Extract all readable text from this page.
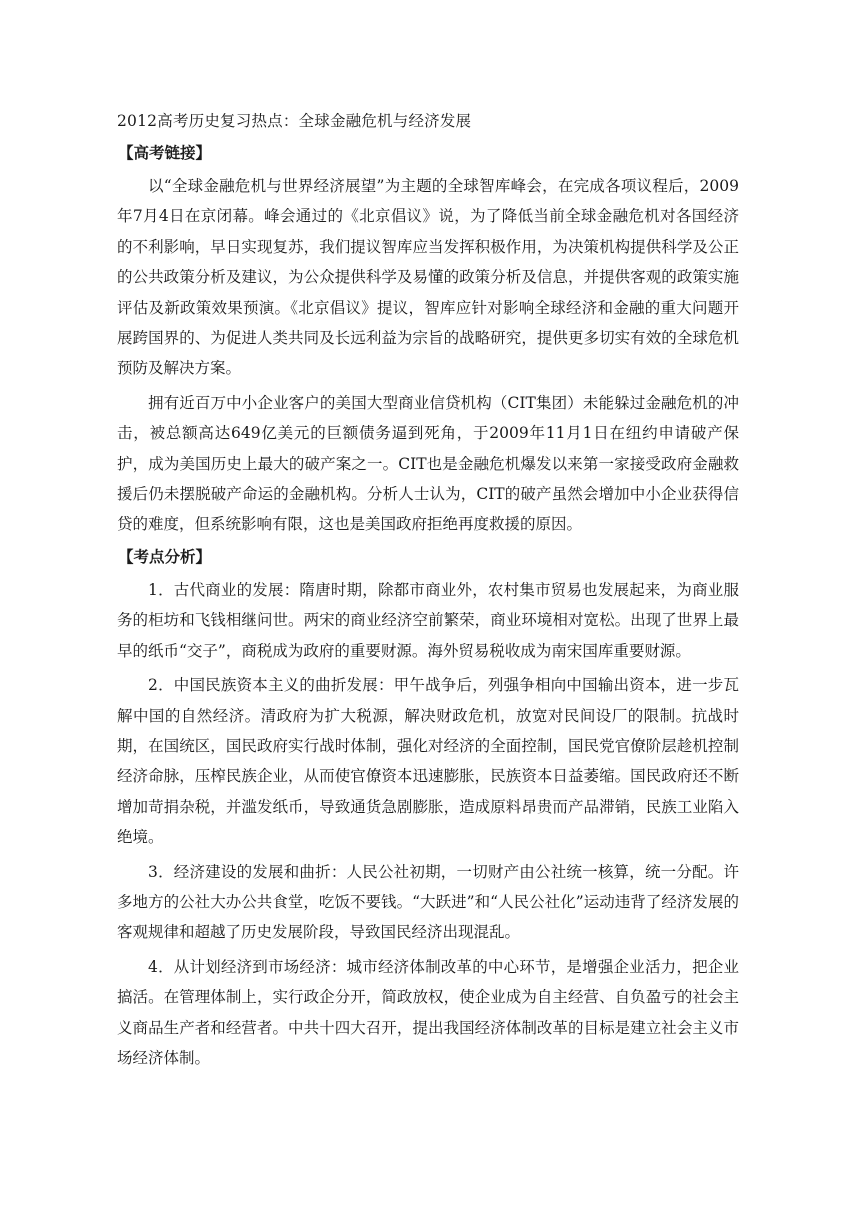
2012高考历史复习热点：全球金融危机与经济发展
【高考链接】

以“全球金融危机与世界经济展望”为主题的全球智库峰会，在完成各项议程后，2009年7月4日在京闭幕。峰会通过的《北京倡议》说，为了降低当前全球金融危机对各国经济的不利影响，早日实现复苏，我们提议智库应当发挥积极作用，为决策机构提供科学及公正的公共政策分析及建议，为公众提供科学及易懂的政策分析及信息，并提供客观的政策实施评估及新政策效果预演。《北京倡议》提议，智库应针对影响全球经济和金融的重大问题开展跨国界的、为促进人类共同及长远利益为宗旨的战略研究，提供更多切实有效的全球危机预防及解决方案。

拥有近百万中小企业客户的美国大型商业信贷机构（CIT集团）未能躲过金融危机的冲击，被总额高达649亿美元的巨额债务逼到死角，于2009年11月1日在纽约申请破产保护，成为美国历史上最大的破产案之一。CIT也是金融危机爆发以来第一家接受政府金融救援后仍未摆脱破产命运的金融机构。分析人士认为，CIT的破产虽然会增加中小企业获得信贷的难度，但系统影响有限，这也是美国政府拒绝再度救援的原因。

【考点分析】

1．古代商业的发展：隋唐时期，除都市商业外，农村集市贸易也发展起来，为商业服务的柜坊和飞钱相继问世。两宋的商业经济空前繁荣，商业环境相对宽松。出现了世界上最早的纸币“交子”，商税成为政府的重要财源。海外贸易税收成为南宋国库重要财源。

2．中国民族资本主义的曲折发展：甲午战争后，列强争相向中国输出资本，进一步瓦解中国的自然经济。清政府为扩大税源，解决财政危机，放宽对民间设厂的限制。抗战时期，在国统区，国民政府实行战时体制，强化对经济的全面控制，国民党官僚阶层趁机控制经济命脉，压榨民族企业，从而使官僚资本迅速膨胀，民族资本日益萎缩。国民政府还不断增加苛捐杂税，并滥发纸币，导致通货急剧膨胀，造成原料昂贵而产品滞销，民族工业陷入绝境。

3．经济建设的发展和曲折：人民公社初期，一切财产由公社统一核算，统一分配。许多地方的公社大办公共食堂，吃饭不要钱。“大跃进”和“人民公社化”运动违背了经济发展的客观规律和超越了历史发展阶段，导致国民经济出现混乱。

4．从计划经济到市场经济：城市经济体制改革的中心环节，是增强企业活力，把企业搞活。在管理体制上，实行政企分开，简政放权，使企业成为自主经营、自负盈亏的社会主义商品生产者和经营者。中共十四大召开，提出我国经济体制改革的目标是建立社会主义市场经济体制。
